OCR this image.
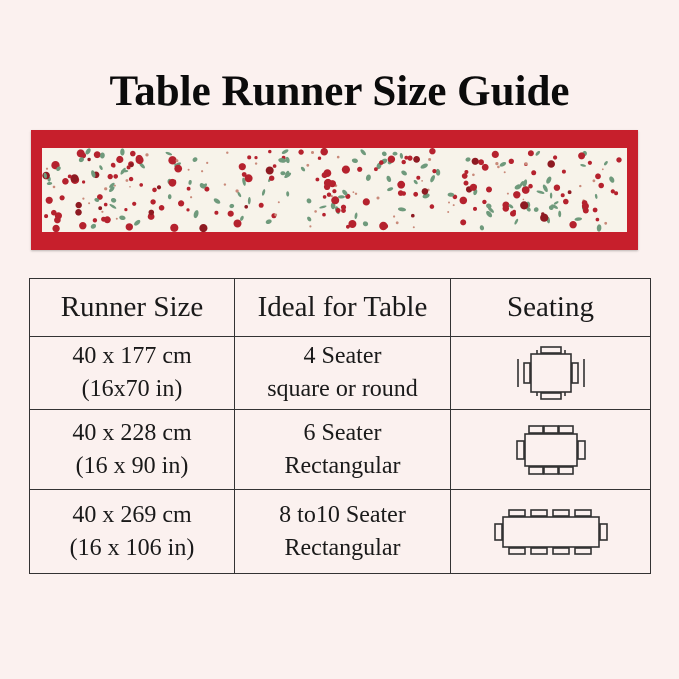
Table Runner Size Guide
Runner Size	Ideal for Table	Seating

40 x 177 cm
(16x70 in)	4 Seater
square or round

40 x 228 cm
(16 x 90 in)	6 Seater
Rectangular

40 x 269 cm
(16 x 106 in)	8 to10 Seater
Rectangular
